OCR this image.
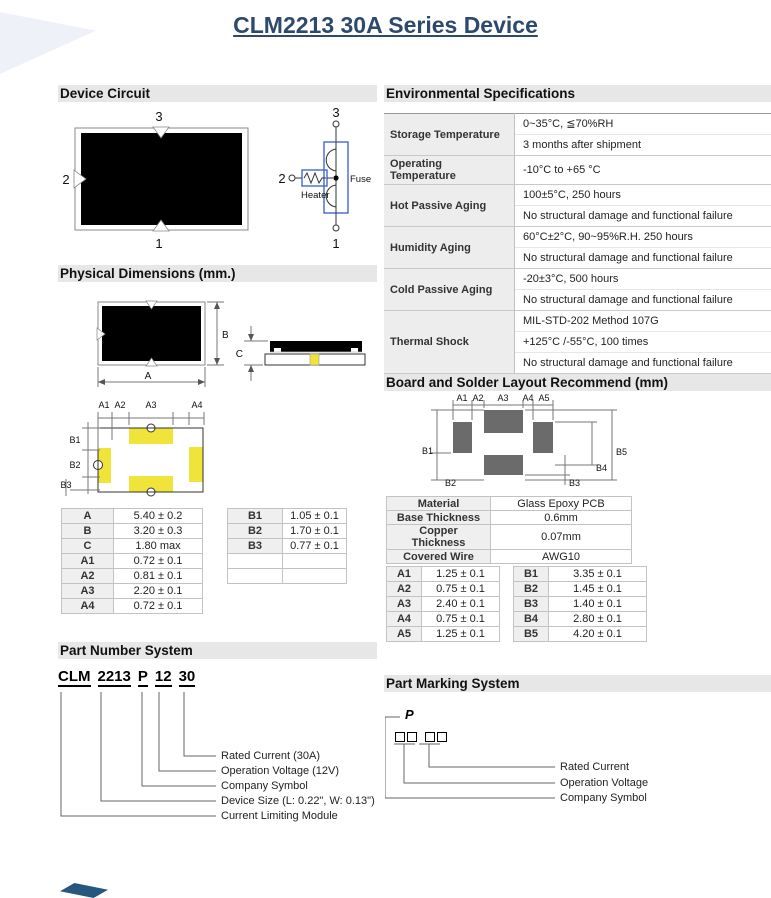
CLM2213 30A Series Device
Device Circuit
3
2
1
3
2
Heater
Fuse
1
Physical Dimensions (mm.)
B
A
C
A1 A2 A3	A4
B1
B2
B3
A	5.40 ± 0.2
B	3.20 ± 0.3
C	1.80 max
A1	0.72 ± 0.1
A2	0.81 ± 0.1
A3	2.20 ± 0.1
A4	0.72 ± 0.1
B1	1.05 ± 0.1
B2	1.70 ± 0.1
B3	0.77 ± 0.1

Part Number System
CLM 2213 P 12 30
Rated Current (30A)
Operation Voltage (12V)
Company Symbol
Device Size (L: 0.22", W: 0.13")
Current Limiting Module
Environmental Specifications
Storage Temperature	0~35°C, ≦70%RH
3 months after shipment

Operating Temperature	-10°C to +65 °C

Hot Passive Aging	100±5°C, 250 hours
No structural damage and functional failure

Humidity Aging	60°C±2°C, 90~95%R.H. 250 hours
No structural damage and functional failure

Cold Passive Aging	-20±3°C, 500 hours
No structural damage and functional failure

Thermal Shock	MIL-STD-202 Method 107G
+125°C /-55°C, 100 times
No structural damage and functional failure
Board and Solder Layout Recommend (mm)
A1 A2 A3 A4 A5
B1
B2	B3
B4
B5
Material	Glass Epoxy PCB
Base Thickness	0.6mm
Copper Thickness	0.07mm
Covered Wire	AWG10
A1	1.25 ± 0.1
A2	0.75 ± 0.1
A3	2.40 ± 0.1
A4	0.75 ± 0.1
A5	1.25 ± 0.1
B1	3.35 ± 0.1
B2	1.45 ± 0.1
B3	1.40 ± 0.1
B4	2.80 ± 0.1
B5	4.20 ± 0.1
Part Marking System
P
Rated Current
Operation Voltage
Company Symbol
